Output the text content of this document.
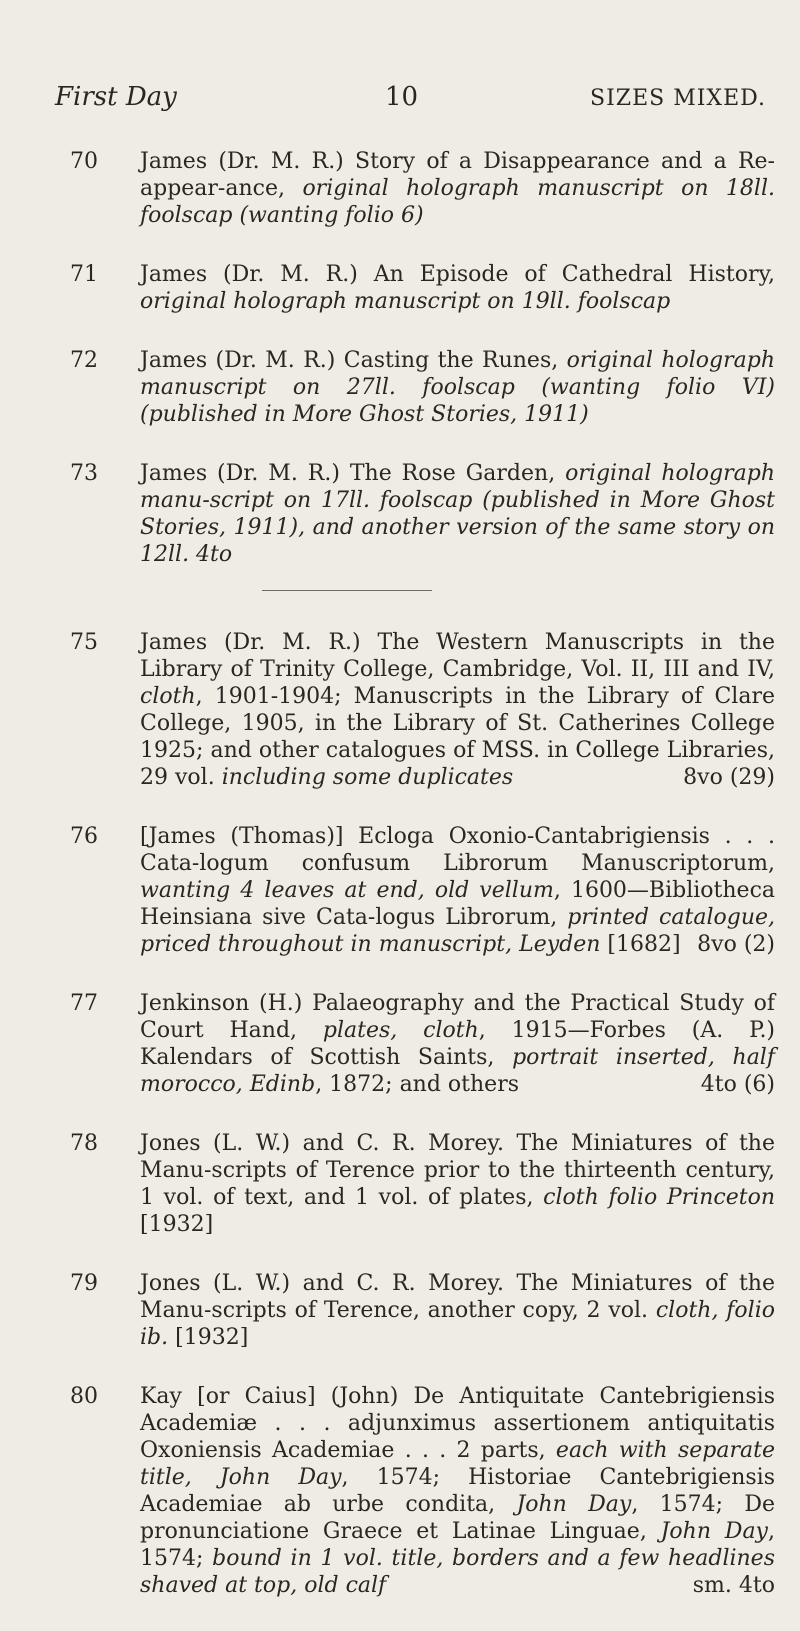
First Day	10	SIZES MIXED.
70	James (Dr. M. R.) Story of a Disappearance and a Re-appear-ance, original holograph manuscript on 18ll. foolscap (wanting folio 6)
71	James (Dr. M. R.) An Episode of Cathedral History, original holograph manuscript on 19ll. foolscap
72	James (Dr. M. R.) Casting the Runes, original holograph manuscript on 27ll. foolscap (wanting folio VI) (published in More Ghost Stories, 1911)
73	James (Dr. M. R.) The Rose Garden, original holograph manu-script on 17ll. foolscap (published in More Ghost Stories, 1911), and another version of the same story on 12ll. 4to
75	James (Dr. M. R.) The Western Manuscripts in the Library of Trinity College, Cambridge, Vol. II, III and IV, cloth, 1901-1904; Manuscripts in the Library of Clare College, 1905, in the Library of St. Catherines College 1925; and other catalogues of MSS. in College Libraries, 29 vol. including some duplicates	8vo (29)
76	[James (Thomas)] Ecloga Oxonio-Cantabrigiensis . . . Cata-logum confusum Librorum Manuscriptorum, wanting 4 leaves at end, old vellum, 1600—Bibliotheca Heinsiana sive Cata-logus Librorum, printed catalogue, priced throughout in manuscript, Leyden [1682] 8vo (2)
77	Jenkinson (H.) Palaeography and the Practical Study of Court Hand, plates, cloth, 1915—Forbes (A. P.) Kalendars of Scottish Saints, portrait inserted, half morocco, Edinb, 1872; and others	4to (6)
78	Jones (L. W.) and C. R. Morey. The Miniatures of the Manu-scripts of Terence prior to the thirteenth century, 1 vol. of text, and 1 vol. of plates, cloth folio Princeton [1932]
79	Jones (L. W.) and C. R. Morey. The Miniatures of the Manu-scripts of Terence, another copy, 2 vol. cloth, folio ib. [1932]
80	Kay [or Caius] (John) De Antiquitate Cantebrigiensis Academiæ . . . adjunximus assertionem antiquitatis Oxoniensis Academiae . . . 2 parts, each with separate title, John Day, 1574; Historiae Cantebrigiensis Academiae ab urbe condita, John Day, 1574; De pronunciatione Graece et Latinae Linguae, John Day, 1574; bound in 1 vol. title, borders and a few headlines shaved at top, old calf	sm. 4to
